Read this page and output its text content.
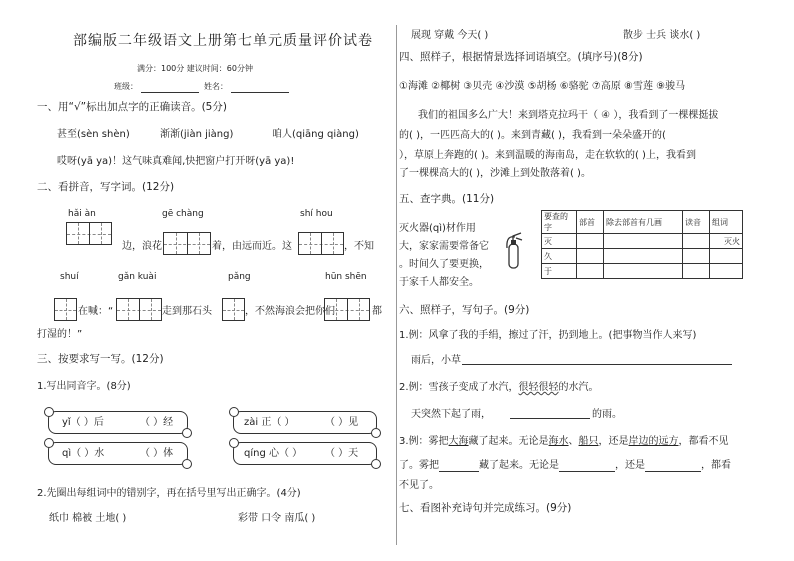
部编版二年级语文上册第七单元质量评价试卷
满分：100分 建议时间：60分钟
班级：	姓名：
一、用“√”标出加点字的正确读音。(5分)
甚至(sèn shèn)	渐渐(jiàn jiàng)	咱人(qiāng qiàng)
哎呀(yā ya)！这气味真难闻,快把窗户打开呀(yā ya)!
二、看拼音，写字词。(12分)
hǎi àn	gē chàng	shí hou
边，浪花	着，由远而近。这	，不知
shuí	gǎn kuài	pǎng	hūn shēn
在喊：“	走到那石头	，不然海浪会把你们	都
打湿的！”
三、按要求写一写。(12分)
1.写出同音字。(8分)
yǐ（ ）后	（ ）经	zài 正（ ）	（ ）见
qì（ ）水	（ ）体	qíng 心（ ） （ ）天
2.先圈出每组词中的错别字，再在括号里写出正确字。(4分)
纸巾 棉被 土地( )	彩带 口令 南瓜( )
展现 穿戴 今天( )	散步 士兵 谈水( )
四、照样子，根据情景选择词语填空。(填序号)(8分)
①海滩 ②椰树 ③贝壳 ④沙漠 ⑤胡杨 ⑥骆驼 ⑦高原 ⑧雪莲 ⑨骏马
我们的祖国多么广大！来到塔克拉玛干（ ④ ），我看到了一棵棵挺拔
的( )，一匹匹高大的( )。来到青藏( )，我看到一朵朵盛开的(
），草原上奔跑的( )。来到温暖的海南岛，走在软软的( )上，我看到
了一棵棵高大的( )，沙滩上到处散落着( )。
五、查字典。(11分)
灭火器(qì)材作用
大，家家需要常备它
。时间久了要更换，
于家千人都安全。
要查的字	部首	除去部首有几画	读音	组词
灭				灭火
久				
于				
六、照样子，写句子。(9分)
1.例：风拿了我的手绢，擦过了汗，扔到地上。(把事物当作人来写)
雨后，小草
2.例：雪孩子变成了水汽，很轻很轻的水汽。
天突然下起了雨，	的雨。
3.例：雾把大海藏了起来。无论是海水、船只，还是岸边的远方，都看不见
了。雾把	藏了起来。无论是	，还是	，都看
不见了。
七、看图补充诗句并完成练习。(9分)
